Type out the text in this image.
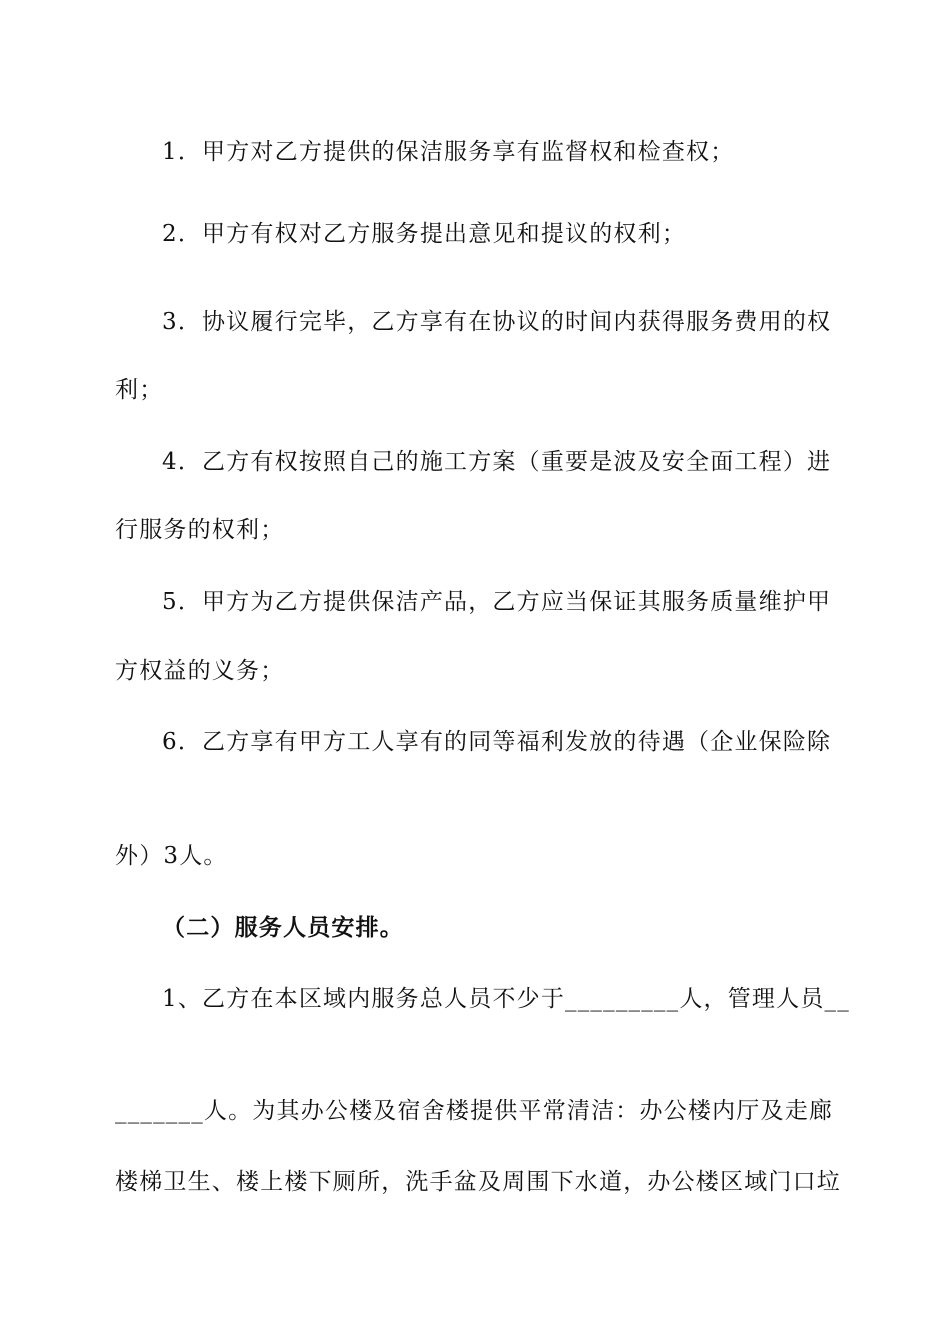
1．甲方对乙方提供的保洁服务享有监督权和检查权；
2．甲方有权对乙方服务提出意见和提议的权利；
3．协议履行完毕，乙方享有在协议的时间内获得服务费用的权
利；
4．乙方有权按照自己的施工方案（重要是波及安全面工程）进
行服务的权利；
5．甲方为乙方提供保洁产品，乙方应当保证其服务质量维护甲
方权益的义务；
6．乙方享有甲方工人享有的同等福利发放的待遇（企业保险除
外）3人。
（二）服务人员安排。
1、乙方在本区域内服务总人员不少于_________人，管理人员__
_______人。为其办公楼及宿舍楼提供平常清洁：办公楼内厅及走廊
楼梯卫生、楼上楼下厕所，洗手盆及周围下水道，办公楼区域门口垃
